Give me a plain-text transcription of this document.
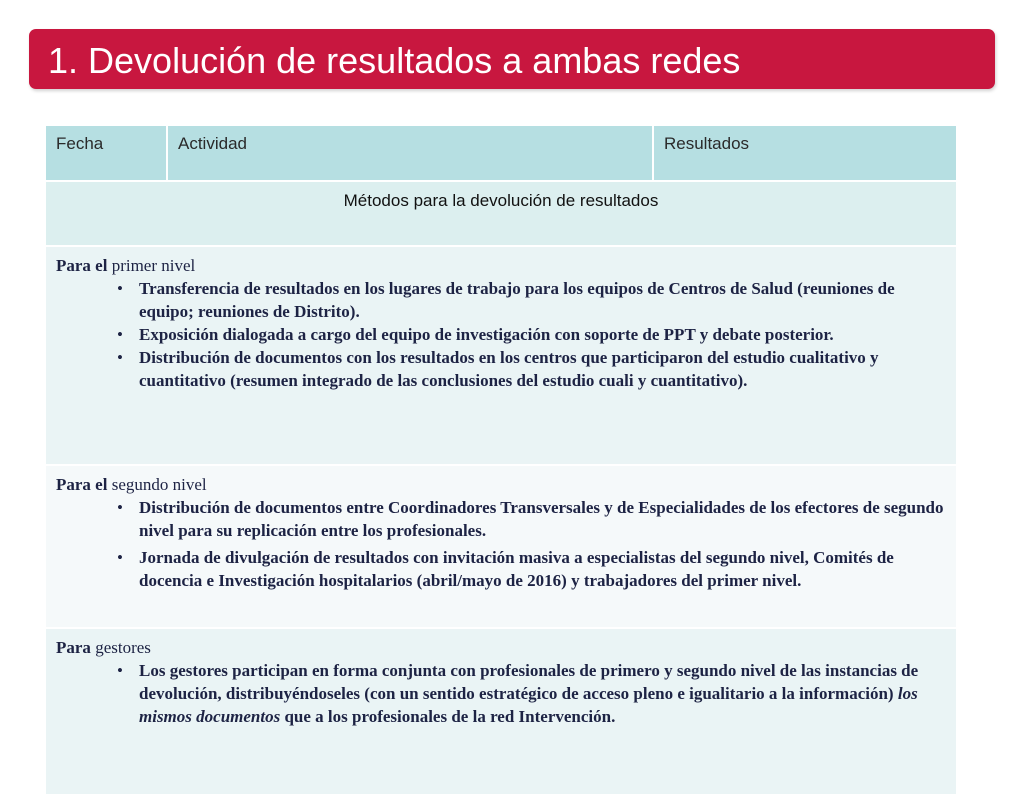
1. Devolución de resultados a ambas redes
Fecha	Actividad	Resultados
Métodos para la devolución de resultados

Para el primer nivel
• Transferencia de resultados en los lugares de trabajo para los equipos de Centros de Salud (reuniones de equipo; reuniones de Distrito).
• Exposición dialogada a cargo del equipo de investigación con soporte de PPT y debate posterior.
• Distribución de documentos con los resultados en los centros que participaron del estudio cualitativo y cuantitativo (resumen integrado de las conclusiones del estudio cuali y cuantitativo).

Para el segundo nivel
• Distribución de documentos entre Coordinadores Transversales y de Especialidades de los efectores de segundo nivel para su replicación entre los profesionales.
• Jornada de divulgación de resultados con invitación masiva a especialistas del segundo nivel, Comités de docencia e Investigación hospitalarios (abril/mayo de 2016) y trabajadores del primer nivel.

Para gestores
• Los gestores participan en forma conjunta con profesionales de primero y segundo nivel de las instancias de devolución, distribuyéndoseles (con un sentido estratégico de acceso pleno e igualitario a la información) los mismos documentos que a los profesionales de la red Intervención.
